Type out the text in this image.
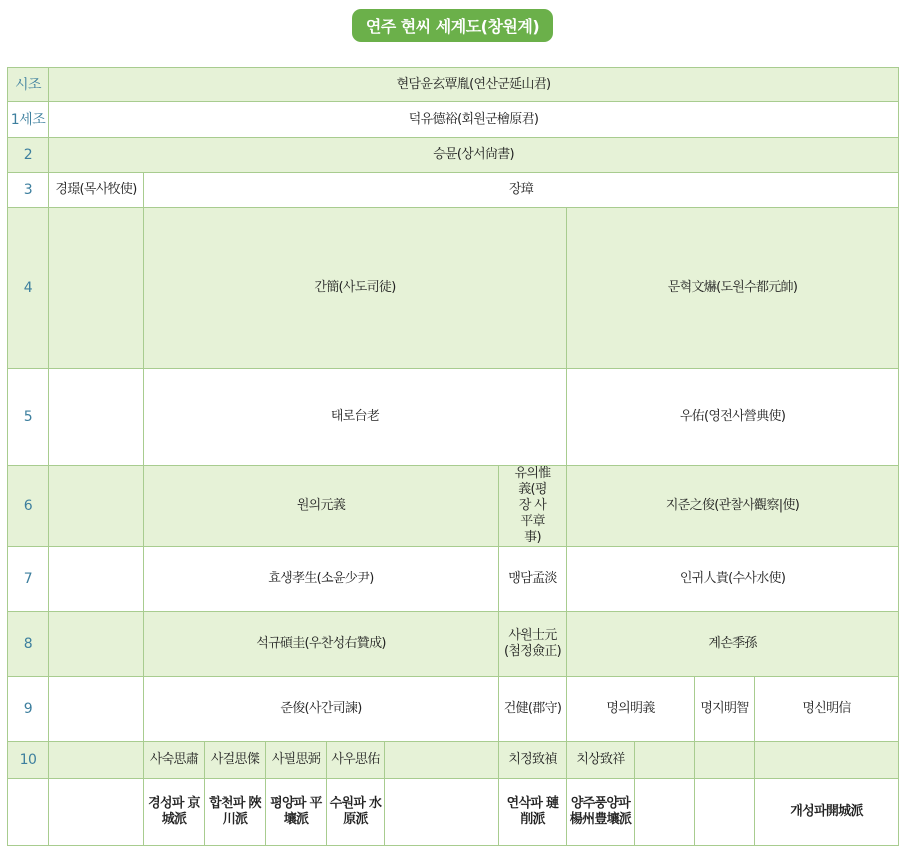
연주 현씨 세계도(창원계)
시조	현담윤玄覃胤(연산군延山君)											
1세조	덕유德裕(회원군檜原君)											
2	승뮨(상서尙書)											
3	경璟(목사牧使)	장璋										
4		간簡(사도司徒)						문혁文爀(도원수都元帥)	
5		태로台老						우佑(영전사營典使)	
6		원의元義					유의惟義(평장 사平章事)	지준之俊(관찰사觀察|使)	
7		효생孝生(소윤少尹)					맹담孟淡	인귀人貴(수사水使)	
8		석규碩圭(우찬성右贊成)					사원士元(첨정僉正)	계손季孫	
9		준俊(사간司諫)					건健(郡守)	명의明義		명지明智	명신明信	
10		사숙思肅	사걸思傑	사필思弼	사우思佑		치정致禎	치상致祥				
		경성파 京城派	합천파 陜川派	평양파 平壤派	수원파 水原派		연삭파 璉削派	양주풍양파 楊州豊壤派			개성파開城派	
